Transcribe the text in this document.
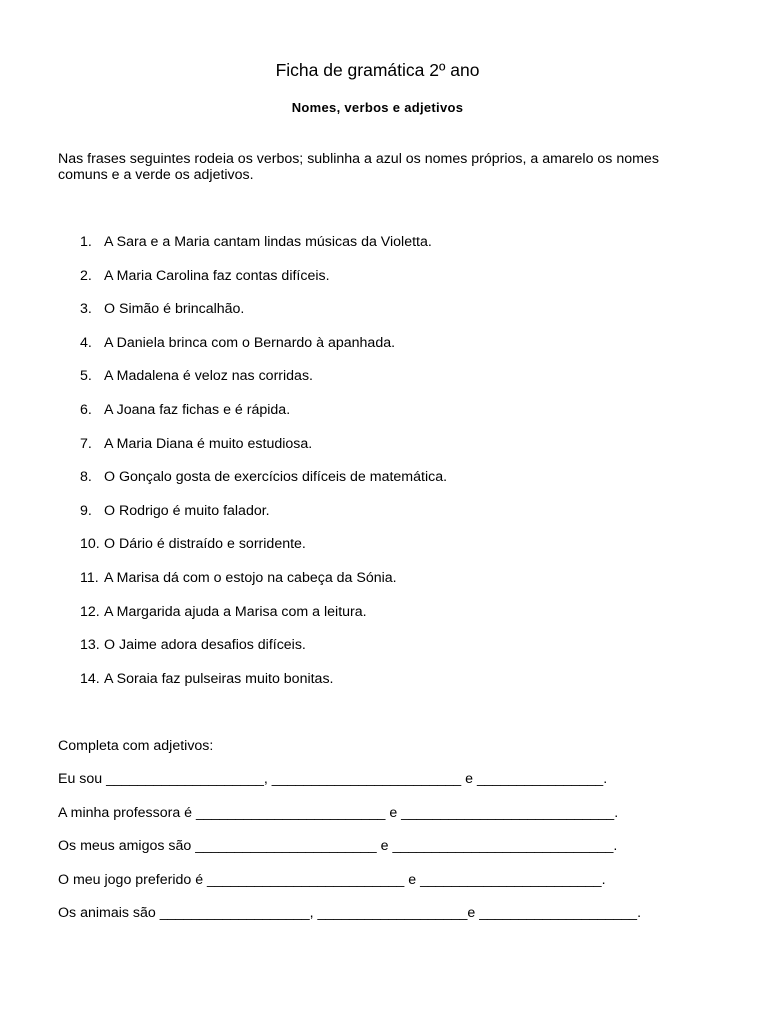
Ficha de gramática 2º ano
Nomes, verbos e adjetivos
Nas frases seguintes rodeia os verbos; sublinha a azul os nomes próprios, a amarelo os nomes comuns e a verde os adjetivos.
1. A Sara e a Maria cantam lindas músicas da Violetta.
2. A Maria Carolina faz contas difíceis.
3. O Simão é brincalhão.
4. A Daniela brinca com o Bernardo à apanhada.
5. A Madalena é veloz nas corridas.
6. A Joana faz fichas e é rápida.
7. A Maria Diana é muito estudiosa.
8. O Gonçalo gosta de exercícios difíceis de matemática.
9. O Rodrigo é muito falador.
10. O Dário é distraído e sorridente.
11. A Marisa dá com o estojo na cabeça da Sónia.
12. A Margarida ajuda a Marisa com a leitura.
13. O Jaime adora desafios difíceis.
14. A Soraia faz pulseiras muito bonitas.
Completa com adjetivos:
Eu sou ____________________, ________________________ e ________________.
A minha professora é ________________________ e ___________________________.
Os meus amigos são _______________________ e ____________________________.
O meu jogo preferido é _________________________ e _______________________.
Os animais são ___________________, ___________________e ____________________.
